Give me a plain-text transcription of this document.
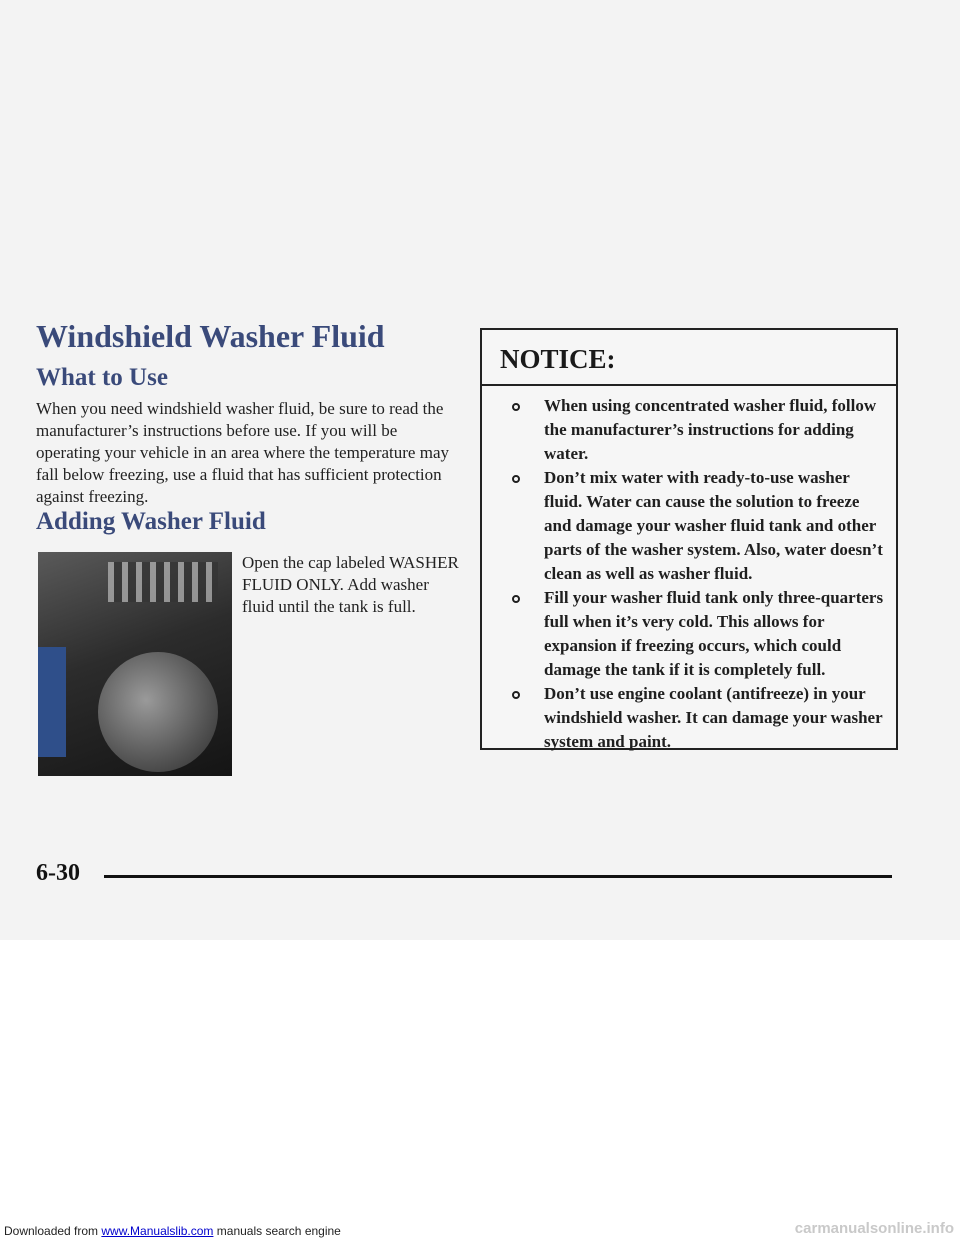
Windshield Washer Fluid
What to Use

When you need windshield washer fluid, be sure to read the manufacturer’s instructions before use. If you will be operating your vehicle in an area where the temperature may fall below freezing, use a fluid that has sufficient protection against freezing.

Adding Washer Fluid

Open the cap labeled WASHER FLUID ONLY. Add washer fluid until the tank is full.

NOTICE:
When using concentrated washer fluid, follow the manufacturer’s instructions for adding water.
Don’t mix water with ready-to-use washer fluid. Water can cause the solution to freeze and damage your washer fluid tank and other parts of the washer system. Also, water doesn’t clean as well as washer fluid.
Fill your washer fluid tank only three-quarters full when it’s very cold. This allows for expansion if freezing occurs, which could damage the tank if it is completely full.
Don’t use engine coolant (antifreeze) in your windshield washer. It can damage your washer system and paint.
6-30
Downloaded from www.Manualslib.com manuals search engine	carmanualsonline.info
